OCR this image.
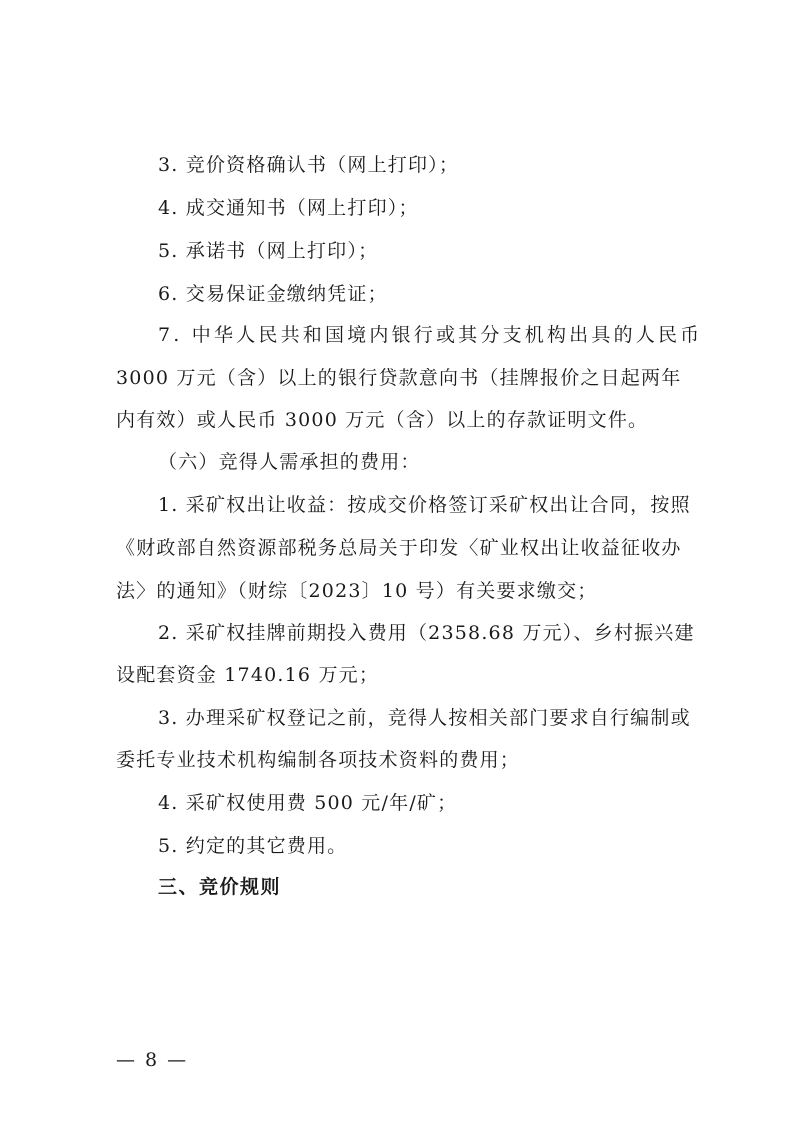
3. 竞价资格确认书（网上打印）；
4. 成交通知书（网上打印）；
5. 承诺书（网上打印）；
6. 交易保证金缴纳凭证；
7. 中华人民共和国境内银行或其分支机构出具的人民币
3000 万元（含）以上的银行贷款意向书（挂牌报价之日起两年
内有效）或人民币 3000 万元（含）以上的存款证明文件。
（六）竞得人需承担的费用：
1. 采矿权出让收益：按成交价格签订采矿权出让合同，按照
《财政部自然资源部税务总局关于印发〈矿业权出让收益征收办
法〉的通知》（财综〔2023〕10 号）有关要求缴交；
2. 采矿权挂牌前期投入费用（2358.68 万元）、乡村振兴建
设配套资金 1740.16 万元；
3. 办理采矿权登记之前，竞得人按相关部门要求自行编制或
委托专业技术机构编制各项技术资料的费用；
4. 采矿权使用费 500 元/年/矿；
5. 约定的其它费用。
三、竞价规则
— 8 —
